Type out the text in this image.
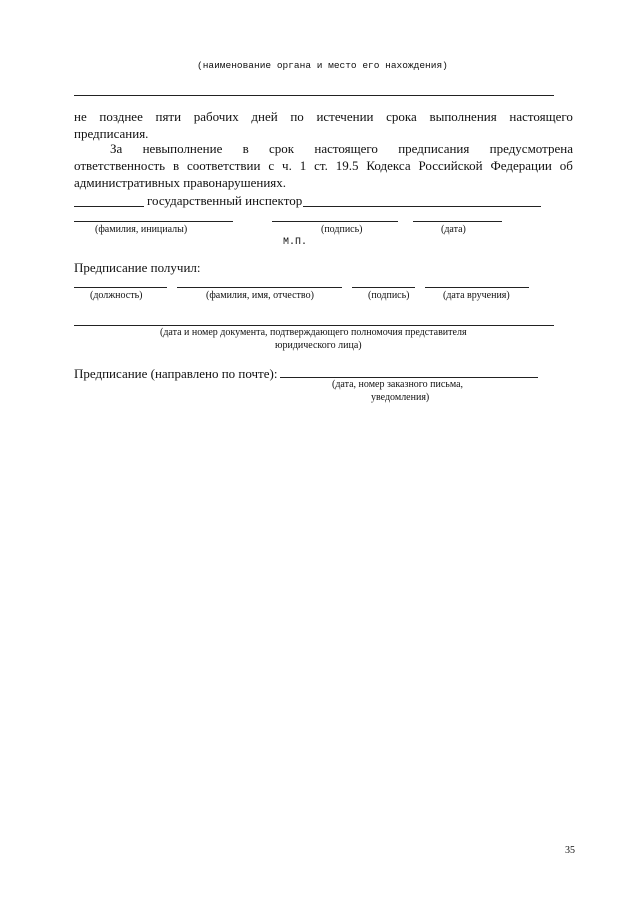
(наименование органа и место его нахождения)
не позднее пяти рабочих дней по истечении срока выполнения настоящего
предписания.
За невыполнение в срок настоящего предписания предусмотрена
ответственность в соответствии с ч. 1 ст. 19.5 Кодекса Российской Федерации об
административных правонарушениях.
государственный инспектор
(фамилия, инициалы)	(подпись)	(дата)
М.П.
Предписание получил:
(должность)	(фамилия, имя, отчество)	(подпись)	(дата вручения)
(дата и номер документа, подтверждающего полномочия представителя
юридического лица)
Предписание (направлено по почте):
(дата, номер заказного письма,
уведомления)
35
